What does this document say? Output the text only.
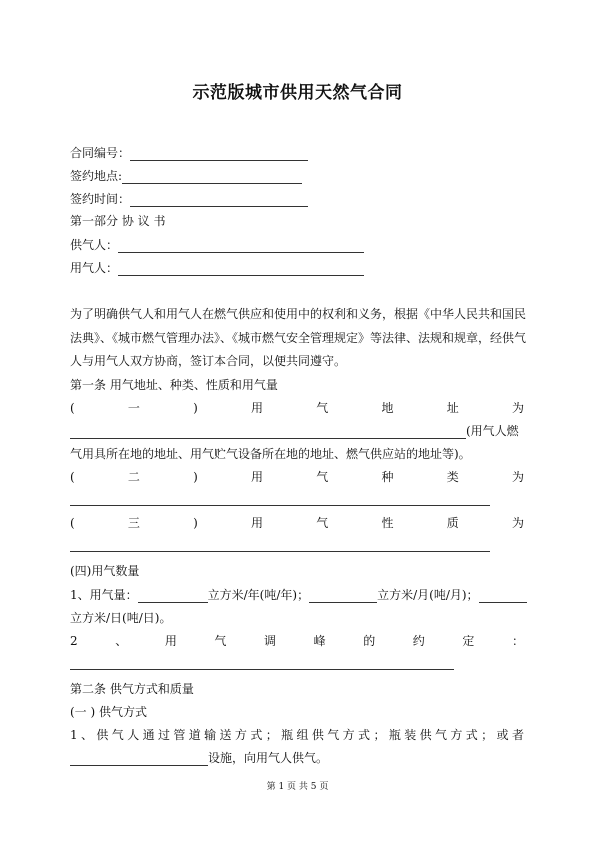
示范版城市供用天然气合同
合同编号：
签约地点:
签约时间：
第一部分 协 议 书
供气人：
用气人：
为了明确供气人和用气人在燃气供应和使用中的权利和义务，根据《中华人民共和国民
法典》、《城市燃气管理办法》、《城市燃气安全管理规定》等法律、法规和规章，经供气
人与用气人双方协商，签订本合同，以便共同遵守。
第一条 用气地址、种类、性质和用气量
(	一	)	用	气	地	址	为
(用气人燃
气用具所在地的地址、用气贮气设备所在地的地址、燃气供应站的地址等)。
(	二	)	用	气	种	类	为
(	三	)	用	气	性	质	为
(四)用气数量
1、用气量：	立方米/年(吨/年)；	立方米/月(吨/月)；
立方米/日(吨/日)。
2	、	用	气	调	峰	的	约	定	：
第二条 供气方式和质量
(一 ) 供气方式
1 、 供 气 人 通 过 管 道 输 送 方 式 ； 瓶 组 供 气 方 式 ； 瓶 装 供 气 方 式 ； 或 者
设施，向用气人供气。
第 1 页 共 5 页
